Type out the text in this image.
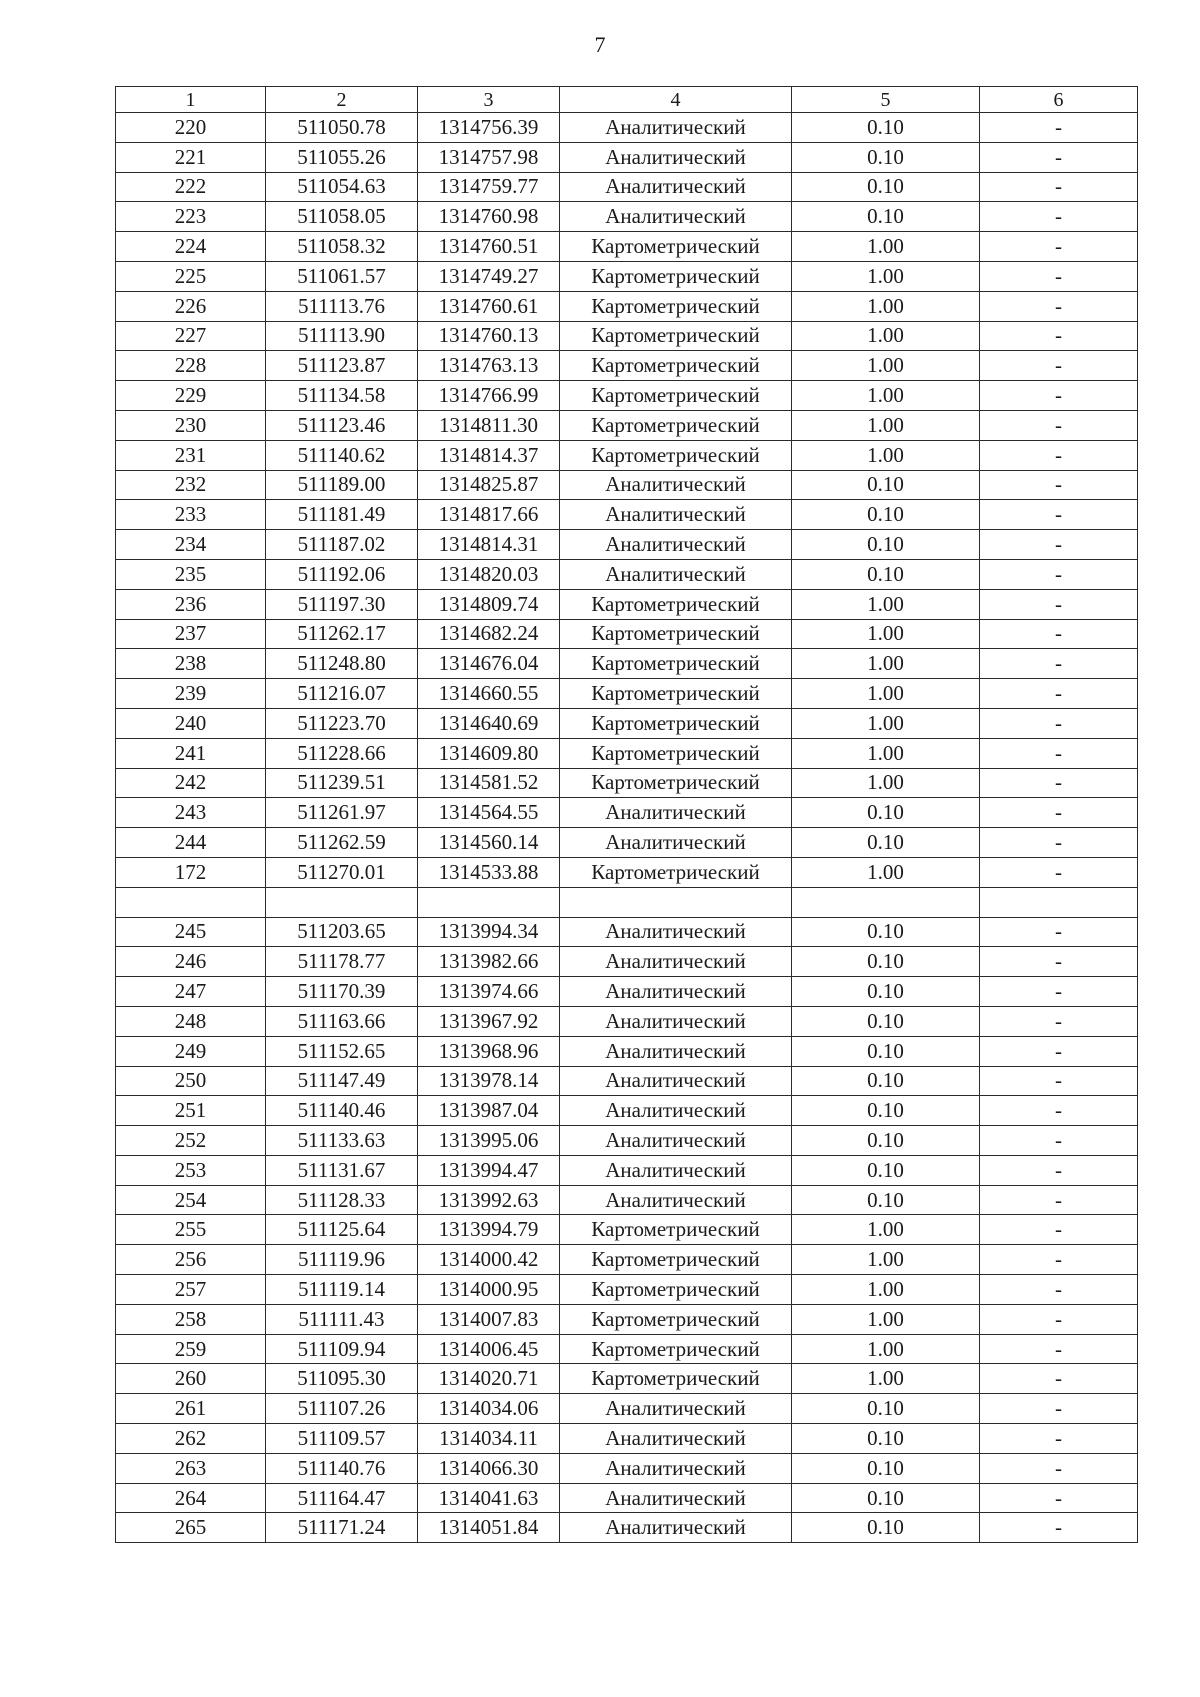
7
1	2	3	4	5	6
220	511050.78	1314756.39	Аналитический	0.10	-
221	511055.26	1314757.98	Аналитический	0.10	-
222	511054.63	1314759.77	Аналитический	0.10	-
223	511058.05	1314760.98	Аналитический	0.10	-
224	511058.32	1314760.51	Картометрический	1.00	-
225	511061.57	1314749.27	Картометрический	1.00	-
226	511113.76	1314760.61	Картометрический	1.00	-
227	511113.90	1314760.13	Картометрический	1.00	-
228	511123.87	1314763.13	Картометрический	1.00	-
229	511134.58	1314766.99	Картометрический	1.00	-
230	511123.46	1314811.30	Картометрический	1.00	-
231	511140.62	1314814.37	Картометрический	1.00	-
232	511189.00	1314825.87	Аналитический	0.10	-
233	511181.49	1314817.66	Аналитический	0.10	-
234	511187.02	1314814.31	Аналитический	0.10	-
235	511192.06	1314820.03	Аналитический	0.10	-
236	511197.30	1314809.74	Картометрический	1.00	-
237	511262.17	1314682.24	Картометрический	1.00	-
238	511248.80	1314676.04	Картометрический	1.00	-
239	511216.07	1314660.55	Картометрический	1.00	-
240	511223.70	1314640.69	Картометрический	1.00	-
241	511228.66	1314609.80	Картометрический	1.00	-
242	511239.51	1314581.52	Картометрический	1.00	-
243	511261.97	1314564.55	Аналитический	0.10	-
244	511262.59	1314560.14	Аналитический	0.10	-
172	511270.01	1314533.88	Картометрический	1.00	-

245	511203.65	1313994.34	Аналитический	0.10	-
246	511178.77	1313982.66	Аналитический	0.10	-
247	511170.39	1313974.66	Аналитический	0.10	-
248	511163.66	1313967.92	Аналитический	0.10	-
249	511152.65	1313968.96	Аналитический	0.10	-
250	511147.49	1313978.14	Аналитический	0.10	-
251	511140.46	1313987.04	Аналитический	0.10	-
252	511133.63	1313995.06	Аналитический	0.10	-
253	511131.67	1313994.47	Аналитический	0.10	-
254	511128.33	1313992.63	Аналитический	0.10	-
255	511125.64	1313994.79	Картометрический	1.00	-
256	511119.96	1314000.42	Картометрический	1.00	-
257	511119.14	1314000.95	Картометрический	1.00	-
258	511111.43	1314007.83	Картометрический	1.00	-
259	511109.94	1314006.45	Картометрический	1.00	-
260	511095.30	1314020.71	Картометрический	1.00	-
261	511107.26	1314034.06	Аналитический	0.10	-
262	511109.57	1314034.11	Аналитический	0.10	-
263	511140.76	1314066.30	Аналитический	0.10	-
264	511164.47	1314041.63	Аналитический	0.10	-
265	511171.24	1314051.84	Аналитический	0.10	-
